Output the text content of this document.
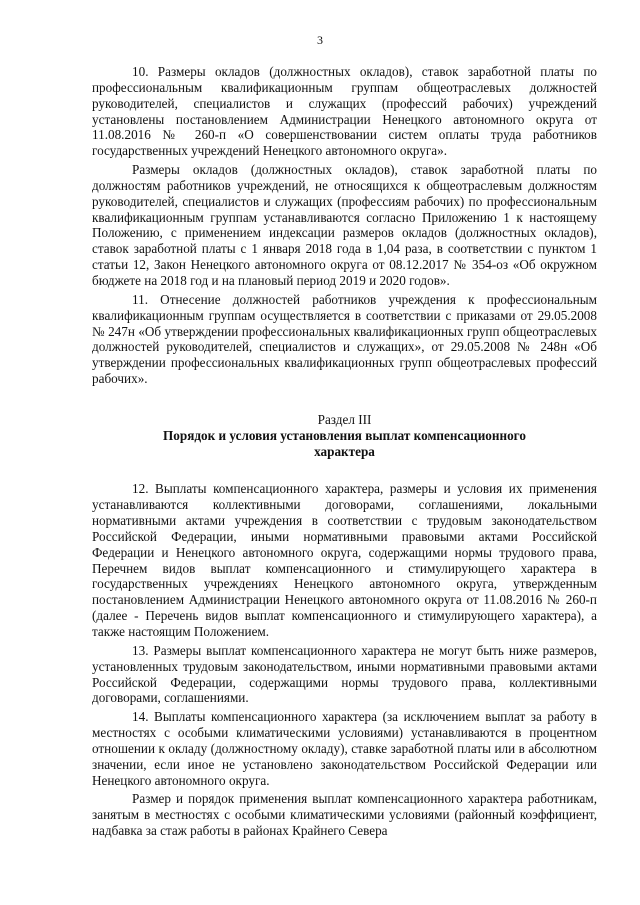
3

10. Размеры окладов (должностных окладов), ставок заработной платы по профессиональным квалификационным группам общеотраслевых должностей руководителей, специалистов и служащих (профессий рабочих) учреждений установлены постановлением Администрации Ненецкого автономного округа от 11.08.2016 № 260-п «О совершенствовании систем оплаты труда работников государственных учреждений Ненецкого автономного округа».

Размеры окладов (должностных окладов), ставок заработной платы по должностям работников учреждений, не относящихся к общеотраслевым должностям руководителей, специалистов и служащих (профессиям рабочих) по профессиональным квалификационным группам устанавливаются согласно Приложению 1 к настоящему Положению, с применением индексации размеров окладов (должностных окладов), ставок заработной платы с 1 января 2018 года в 1,04 раза, в соответствии с пунктом 1 статьи 12, Закон Ненецкого автономного округа от 08.12.2017 № 354-оз «Об окружном бюджете на 2018 год и на плановый период 2019 и 2020 годов».

11. Отнесение должностей работников учреждения к профессиональным квалификационным группам осуществляется в соответствии с приказами от 29.05.2008 № 247н «Об утверждении профессиональных квалификационных групп общеотраслевых должностей руководителей, специалистов и служащих», от 29.05.2008 № 248н «Об утверждении профессиональных квалификационных групп общеотраслевых профессий рабочих».

Раздел III
Порядок и условия установления выплат компенсационного характера

12. Выплаты компенсационного характера, размеры и условия их применения устанавливаются коллективными договорами, соглашениями, локальными нормативными актами учреждения в соответствии с трудовым законодательством Российской Федерации, иными нормативными правовыми актами Российской Федерации и Ненецкого автономного округа, содержащими нормы трудового права, Перечнем видов выплат компенсационного и стимулирующего характера в государственных учреждениях Ненецкого автономного округа, утвержденным постановлением Администрации Ненецкого автономного округа от 11.08.2016 № 260-п (далее - Перечень видов выплат компенсационного и стимулирующего характера), а также настоящим Положением.

13. Размеры выплат компенсационного характера не могут быть ниже размеров, установленных трудовым законодательством, иными нормативными правовыми актами Российской Федерации, содержащими нормы трудового права, коллективными договорами, соглашениями.

14. Выплаты компенсационного характера (за исключением выплат за работу в местностях с особыми климатическими условиями) устанавливаются в процентном отношении к окладу (должностному окладу), ставке заработной платы или в абсолютном значении, если иное не установлено законодательством Российской Федерации или Ненецкого автономного округа.

Размер и порядок применения выплат компенсационного характера работникам, занятым в местностях с особыми климатическими условиями (районный коэффициент, надбавка за стаж работы в районах Крайнего Севера
